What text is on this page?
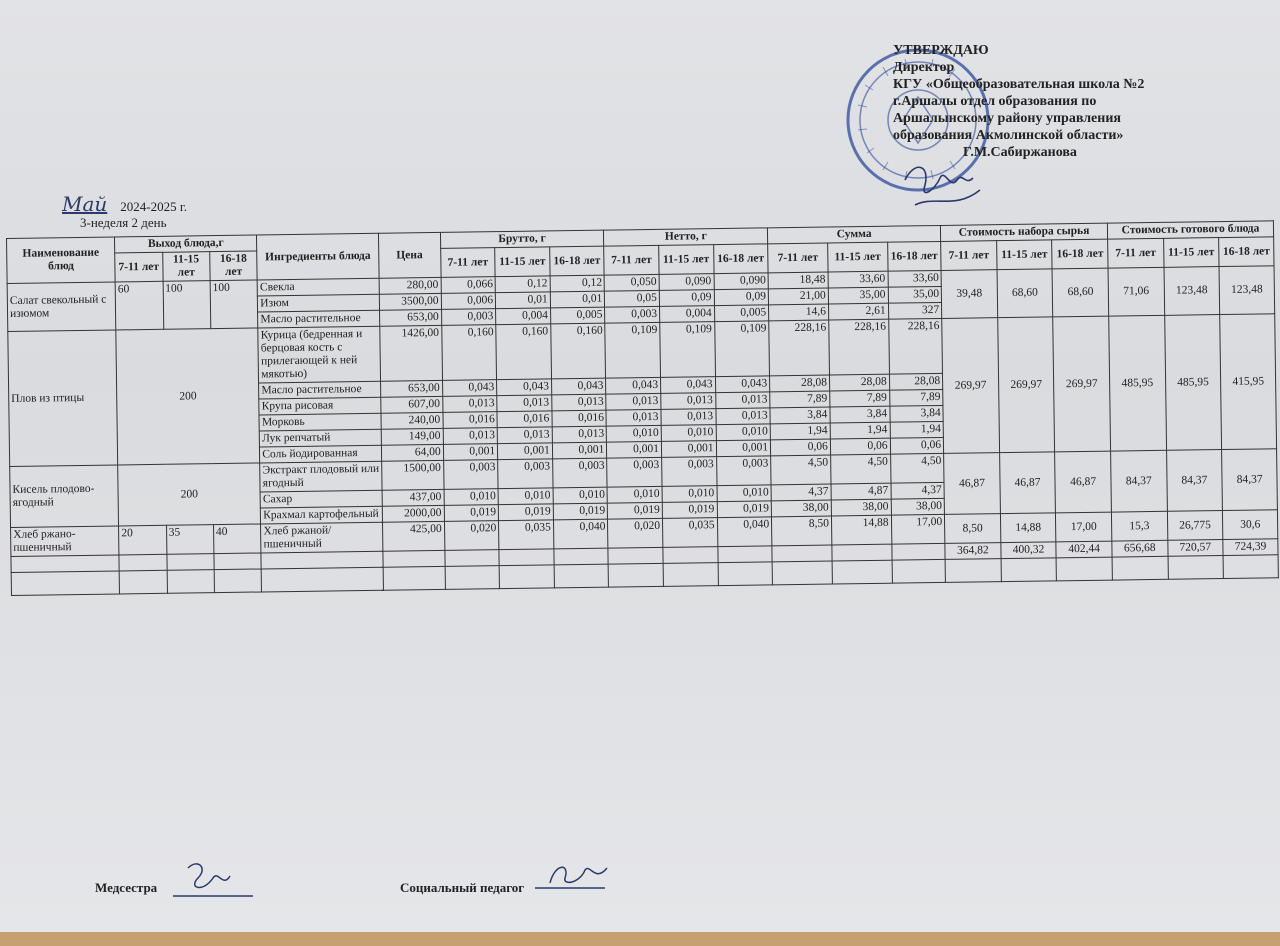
УТВЕРЖДАЮ
Директор
КГУ «Общеобразовательная школа №2
г.Аршалы отдел образования по
Аршалынскому району управления
образования Акмолинской области»
Г.М.Сабиржанова
Май 2024-2025 г.
3-неделя 2 день
Наименование блюд	Выход блюда,г			Ингредиенты блюда	Цена	Брутто, г			Нетто, г			Сумма			Стоимость набора сырья			Стоимость готового блюда		
	7-11 лет	11-15 лет	16-18 лет			7-11 лет	11-15 лет	16-18 лет	7-11 лет	11-15 лет	16-18 лет	7-11 лет	11-15 лет	16-18 лет	7-11 лет	11-15 лет	16-18 лет	7-11 лет	11-15 лет	16-18 лет
Салат свекольный с изюмом	60	100	100	Свекла	280,00	0,066	0,12	0,12	0,050	0,090	0,090	18,48	33,60	33,60	39,48	68,60	68,60	71,06	123,48	123,48
				Изюм	3500,00	0,006	0,01	0,01	0,05	0,09	0,09	21,00	35,00	35,00						
				Масло растительное	653,00	0,003	0,004	0,005	0,003	0,004	0,005	14,6	2,61	327						
Плов из птицы	200			Курица (бедренная и берцовая кость с прилегающей к ней мякотью)	1426,00	0,160	0,160	0,160	0,109	0,109	0,109	228,16	228,16	228,16	269,97	269,97	269,97	485,95	485,95	415,95
				Масло растительное	653,00	0,043	0,043	0,043	0,043	0,043	0,043	28,08	28,08	28,08						
				Крупа рисовая	607,00	0,013	0,013	0,013	0,013	0,013	0,013	7,89	7,89	7,89						
				Морковь	240,00	0,016	0,016	0,016	0,013	0,013	0,013	3,84	3,84	3,84						
				Лук репчатый	149,00	0,013	0,013	0,013	0,010	0,010	0,010	1,94	1,94	1,94						
				Соль йодированная	64,00	0,001	0,001	0,001	0,001	0,001	0,001	0,06	0,06	0,06						
Кисель плодово-ягодный	200			Экстракт плодовый или ягодный	1500,00	0,003	0,003	0,003	0,003	0,003	0,003	4,50	4,50	4,50	46,87	46,87	46,87	84,37	84,37	84,37
				Сахар	437,00	0,010	0,010	0,010	0,010	0,010	0,010	4,37	4,87	4,37						
				Крахмал картофельный	2000,00	0,019	0,019	0,019	0,019	0,019	0,019	38,00	38,00	38,00						
Хлеб ржано-пшеничный	20	35	40	Хлеб ржаной/пшеничный	425,00	0,020	0,035	0,040	0,020	0,035	0,040	8,50	14,88	17,00	8,50	14,88	17,00	15,3	26,775	30,6
															364,82	400,32	402,44	656,68	720,57	724,39

Медсестра	Социальный педагог
